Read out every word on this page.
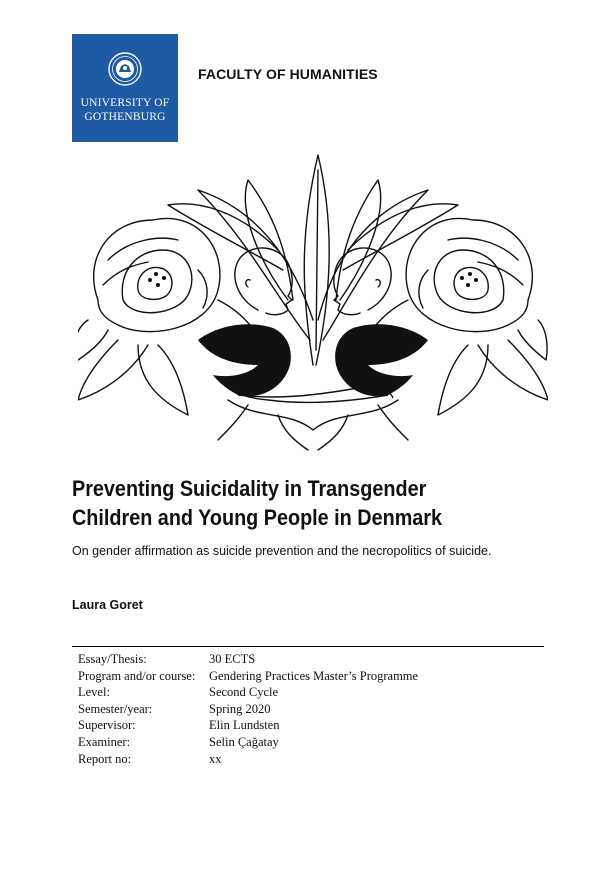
UNIVERSITY OF
GOTHENBURG
FACULTY OF HUMANITIES
Preventing Suicidality in Transgender
Children and Young People in Denmark

On gender affirmation as suicide prevention and the necropolitics of suicide.

Laura Goret
Essay/Thesis:	30 ECTS
Program and/or course:	Gendering Practices Master’s Programme
Level:	Second Cycle
Semester/year:	Spring 2020
Supervisor:	Elin Lundsten
Examiner:	Selin Çağatay
Report no:	xx
